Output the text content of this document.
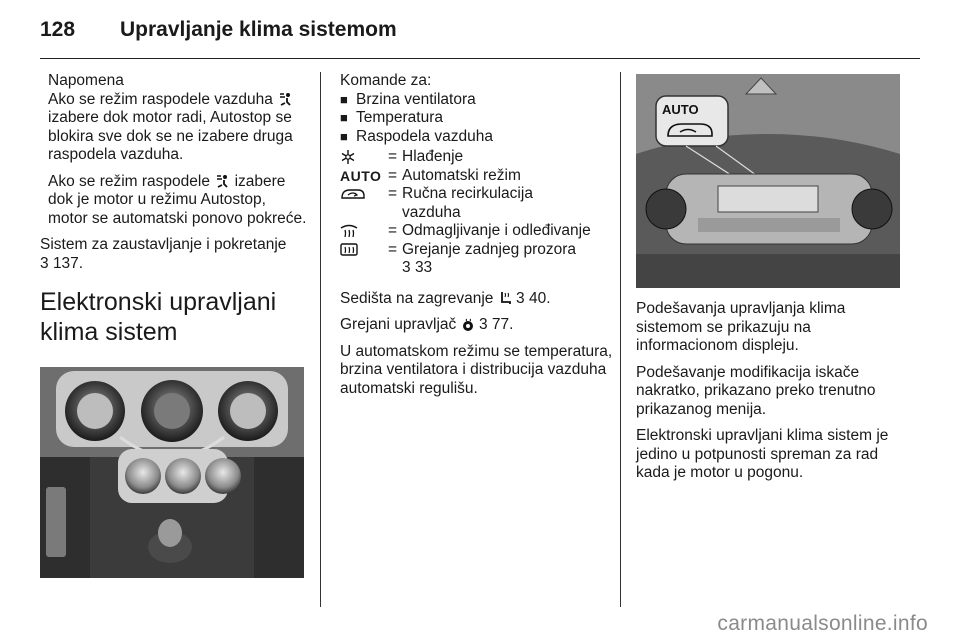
128	Upravljanje klima sistemom
Napomena
Ako se režim raspodele vazduha  izabere dok motor radi, Autostop se blokira sve dok se ne izabere druga raspodela vazduha.
Ako se režim raspodele izabere dok je motor u režimu Autostop, motor se automatski ponovo pokreće.
Sistem za zaustavljanje i pokretanje
3 137.
Elektronski upravljani
klima sistem
Komande za:
■ Brzina ventilatora
■ Temperatura
■ Raspodela vazduha
= Hlađenje
AUTO = Automatski režim
= Ručna recirkulacija
vazduha
= Odmagljivanje i odleđivanje
= Grejanje zadnjeg prozora
3 33
Sedišta na zagrevanje 3 40.
Grejani upravljač 3 77.
U automatskom režimu se temperatura, brzina ventilatora i distribucija vazduha automatski regulišu.
AUTO
Podešavanja upravljanja klima sistemom se prikazuju na informacionom displeju.
Podešavanje modifikacija iskače nakratko, prikazano preko trenutno prikazanog menija.
Elektronski upravljani klima sistem je jedino u potpunosti spreman za rad kada je motor u pogonu.
carmanualsonline.info
